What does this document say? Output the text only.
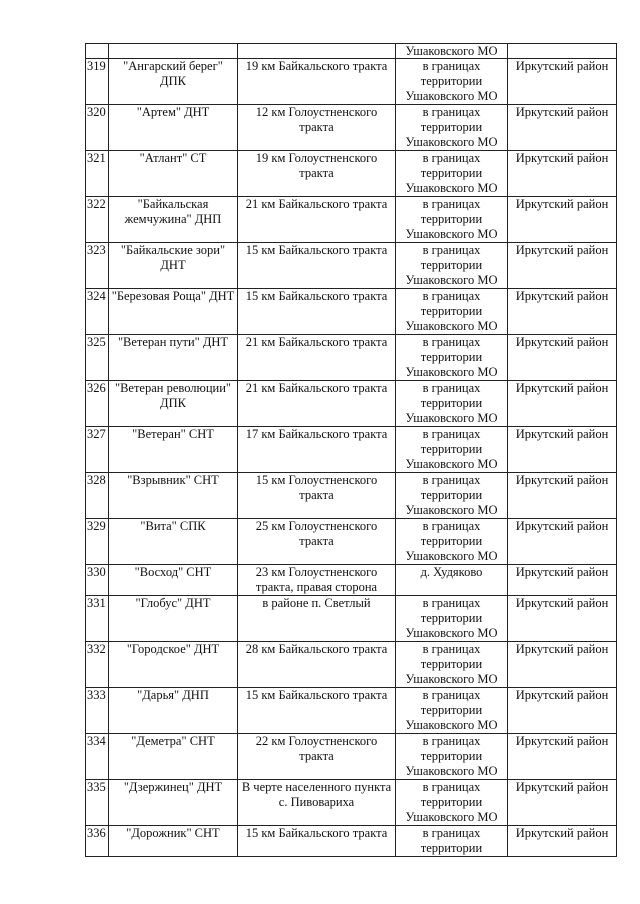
			Ушаковского МО	
319	"Ангарский берег" ДПК	19 км Байкальского тракта	в границах территории Ушаковского МО	Иркутский район
320	"Артем" ДНТ	12 км Голоустненского тракта	в границах территории Ушаковского МО	Иркутский район
321	"Атлант" СТ	19 км Голоустненского тракта	в границах территории Ушаковского МО	Иркутский район
322	"Байкальская жемчужина" ДНП	21 км Байкальского тракта	в границах территории Ушаковского МО	Иркутский район
323	"Байкальские зори" ДНТ	15 км Байкальского тракта	в границах территории Ушаковского МО	Иркутский район
324	"Березовая Роща" ДНТ	15 км Байкальского тракта	в границах территории Ушаковского МО	Иркутский район
325	"Ветеран пути" ДНТ	21 км Байкальского тракта	в границах территории Ушаковского МО	Иркутский район
326	"Ветеран революции" ДПК	21 км Байкальского тракта	в границах территории Ушаковского МО	Иркутский район
327	"Ветеран" СНТ	17 км Байкальского тракта	в границах территории Ушаковского МО	Иркутский район
328	"Взрывник" СНТ	15 км Голоустненского тракта	в границах территории Ушаковского МО	Иркутский район
329	"Вита" СПК	25 км Голоустненского тракта	в границах территории Ушаковского МО	Иркутский район
330	"Восход" СНТ	23 км Голоустненского тракта, правая сторона	д. Худяково	Иркутский район
331	"Глобус" ДНТ	в районе п. Светлый	в границах территории Ушаковского МО	Иркутский район
332	"Городское" ДНТ	28 км Байкальского тракта	в границах территории Ушаковского МО	Иркутский район
333	"Дарья" ДНП	15 км Байкальского тракта	в границах территории Ушаковского МО	Иркутский район
334	"Деметра" СНТ	22 км Голоустненского тракта	в границах территории Ушаковского МО	Иркутский район
335	"Дзержинец" ДНТ	В черте населенного пункта с. Пивовариха	в границах территории Ушаковского МО	Иркутский район
336	"Дорожник" СНТ	15 км Байкальского тракта	в границах территории	Иркутский район
